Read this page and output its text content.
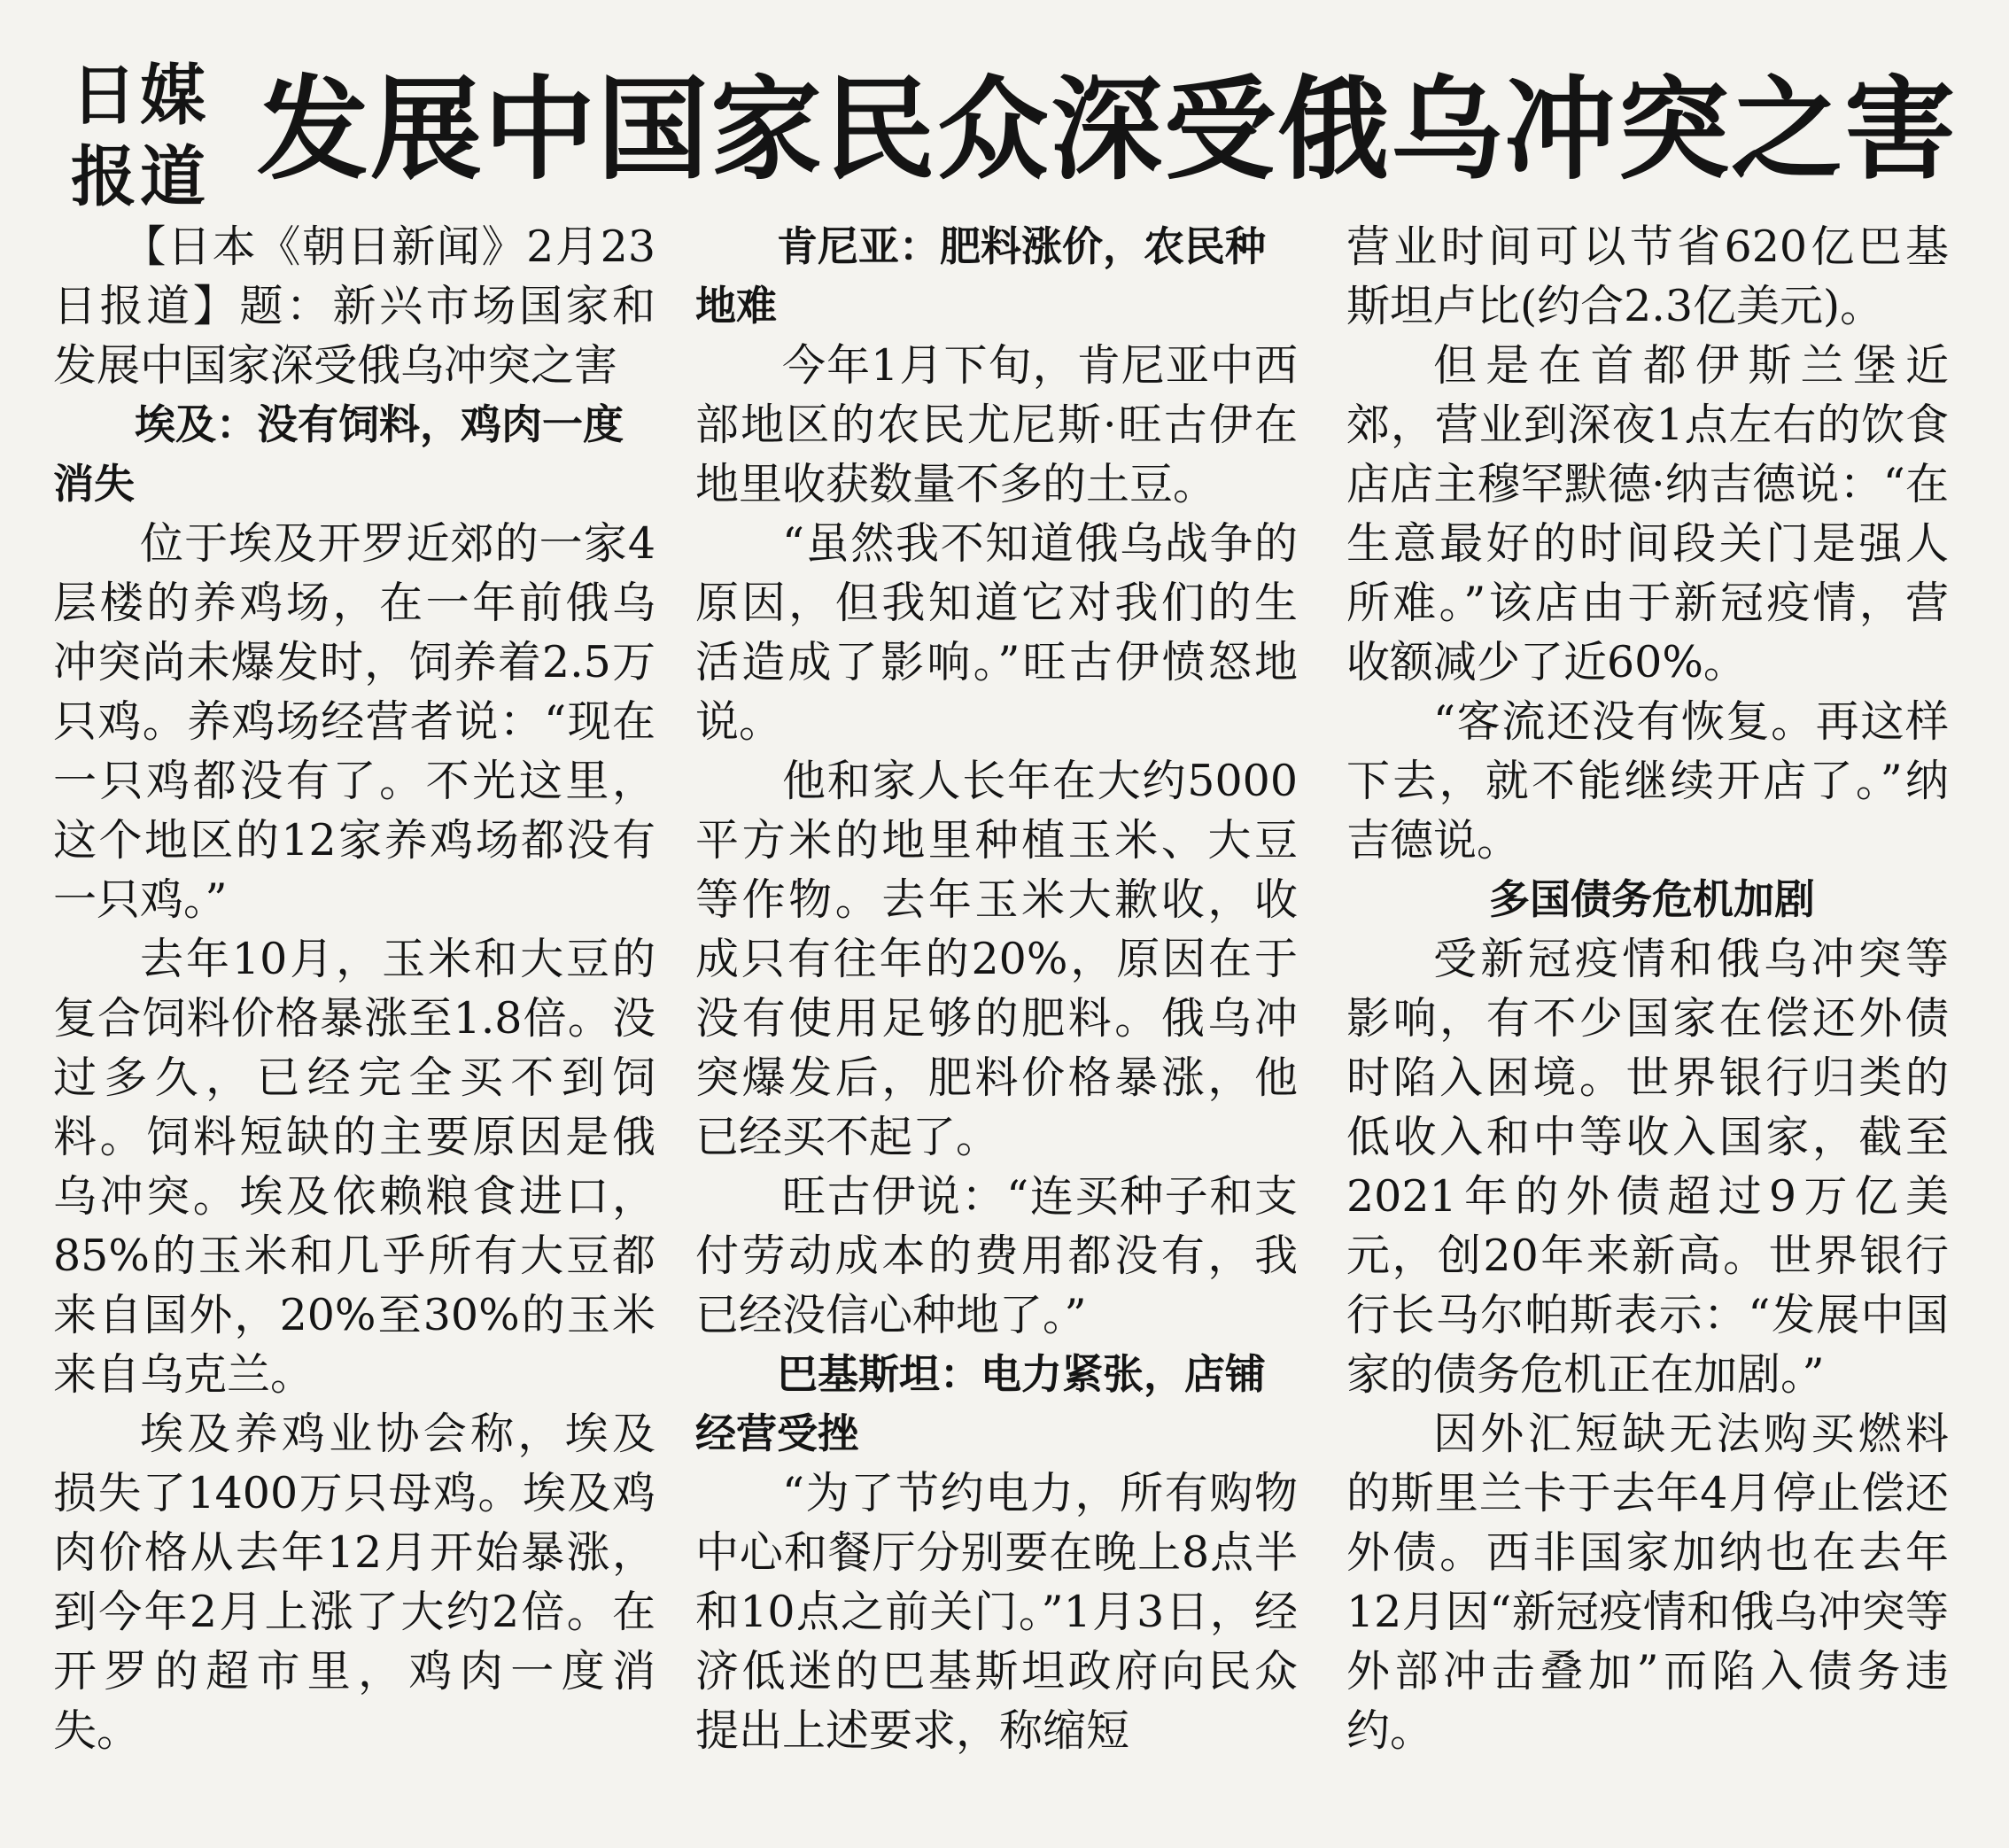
日媒 报道 发展中国家民众深受俄乌冲突之害

【日本《朝日新闻》2月23日报道】题：新兴市场国家和发展中国家深受俄乌冲突之害

埃及：没有饲料，鸡肉一度消失

位于埃及开罗近郊的一家4层楼的养鸡场，在一年前俄乌冲突尚未爆发时，饲养着2.5万只鸡。养鸡场经营者说：“现在一只鸡都没有了。不光这里，这个地区的12家养鸡场都没有一只鸡。”

去年10月，玉米和大豆的复合饲料价格暴涨至1.8倍。没过多久，已经完全买不到饲料。饲料短缺的主要原因是俄乌冲突。埃及依赖粮食进口，85%的玉米和几乎所有大豆都来自国外，20%至30%的玉米来自乌克兰。

埃及养鸡业协会称，埃及损失了1400万只母鸡。埃及鸡肉价格从去年12月开始暴涨，到今年2月上涨了大约2倍。在开罗的超市里，鸡肉一度消失。

肯尼亚：肥料涨价，农民种地难

今年1月下旬，肯尼亚中西部地区的农民尤尼斯·旺古伊在地里收获数量不多的土豆。

“虽然我不知道俄乌战争的原因，但我知道它对我们的生活造成了影响。”旺古伊愤怒地说。

他和家人长年在大约5000平方米的地里种植玉米、大豆等作物。去年玉米大歉收，收成只有往年的20%，原因在于没有使用足够的肥料。俄乌冲突爆发后，肥料价格暴涨，他已经买不起了。

旺古伊说：“连买种子和支付劳动成本的费用都没有，我已经没信心种地了。”

巴基斯坦：电力紧张，店铺经营受挫

“为了节约电力，所有购物中心和餐厅分别要在晚上8点半和10点之前关门。”1月3日，经济低迷的巴基斯坦政府向民众提出上述要求，称缩短

营业时间可以节省620亿巴基斯坦卢比(约合2.3亿美元)。

但是在首都伊斯兰堡近郊，营业到深夜1点左右的饮食店店主穆罕默德·纳吉德说：“在生意最好的时间段关门是强人所难。”该店由于新冠疫情，营收额减少了近60%。

“客流还没有恢复。再这样下去，就不能继续开店了。”纳吉德说。

多国债务危机加剧

受新冠疫情和俄乌冲突等影响，有不少国家在偿还外债时陷入困境。世界银行归类的低收入和中等收入国家，截至2021年的外债超过9万亿美元，创20年来新高。世界银行行长马尔帕斯表示：“发展中国家的债务危机正在加剧。”

因外汇短缺无法购买燃料的斯里兰卡于去年4月停止偿还外债。西非国家加纳也在去年12月因“新冠疫情和俄乌冲突等外部冲击叠加”而陷入债务违约。
